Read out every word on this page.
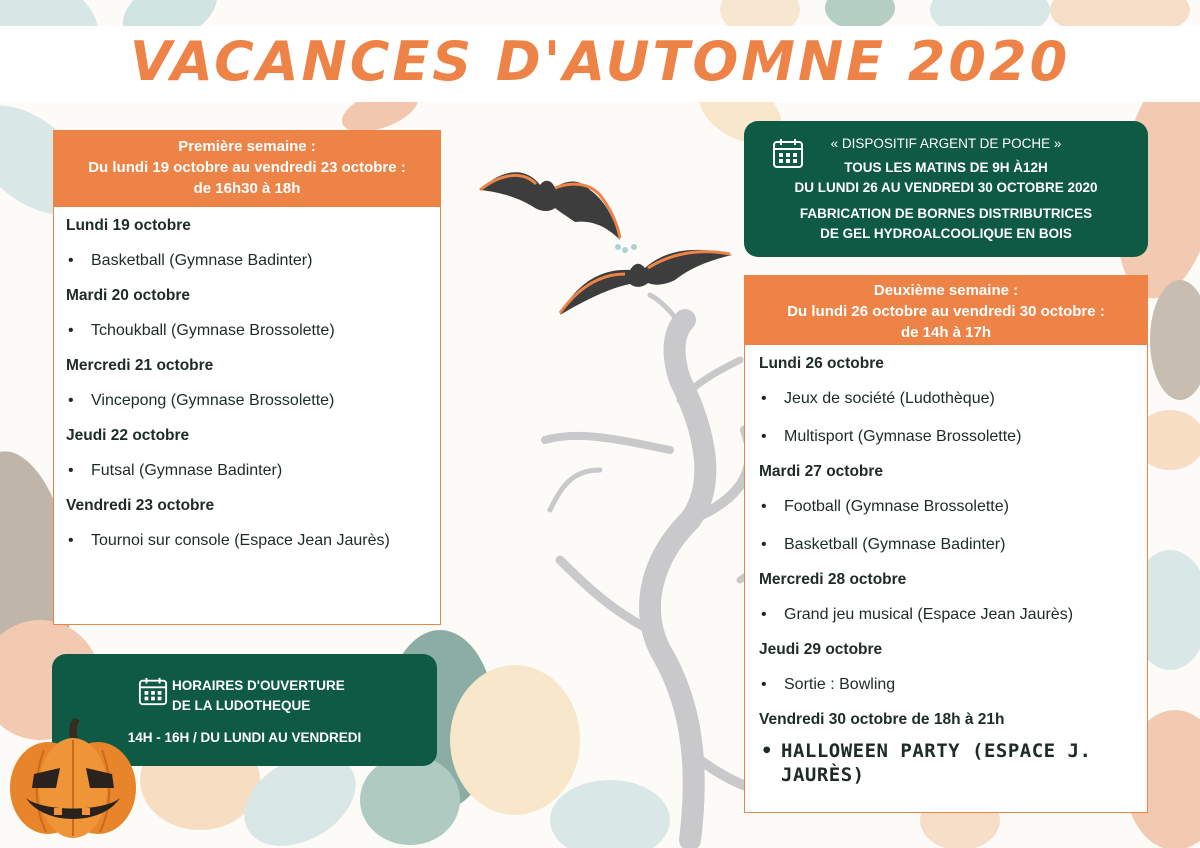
VACANCES D'AUTOMNE 2020
Première semaine :
Du lundi 19 octobre au vendredi 23 octobre :
de 16h30 à 18h

Lundi 19 octobre

• Basketball (Gymnase Badinter)

Mardi 20 octobre

• Tchoukball (Gymnase Brossolette)

Mercredi 21 octobre

• Vincepong (Gymnase Brossolette)

Jeudi 22 octobre

• Futsal (Gymnase Badinter)

Vendredi 23 octobre

• Tournoi sur console (Espace Jean Jaurès)

« DISPOSITIF ARGENT DE POCHE »
TOUS LES MATINS DE 9H À12H
DU LUNDI 26 AU VENDREDI 30 OCTOBRE 2020
FABRICATION DE BORNES DISTRIBUTRICES
DE GEL HYDROALCOOLIQUE EN BOIS
Deuxième semaine :
Du lundi 26 octobre au vendredi 30 octobre :
de 14h à 17h

Lundi 26 octobre

• Jeux de société (Ludothèque)

• Multisport (Gymnase Brossolette)

Mardi 27 octobre

• Football (Gymnase Brossolette)

• Basketball (Gymnase Badinter)

Mercredi 28 octobre

• Grand jeu musical (Espace Jean Jaurès)

Jeudi 29 octobre

• Sortie : Bowling

Vendredi 30 octobre de 18h à 21h

• HALLOWEEN PARTY (ESPACE J. JAURÈS)

HORAIRES D'OUVERTURE
DE LA LUDOTHEQUE
14H - 16H / DU LUNDI AU VENDREDI
